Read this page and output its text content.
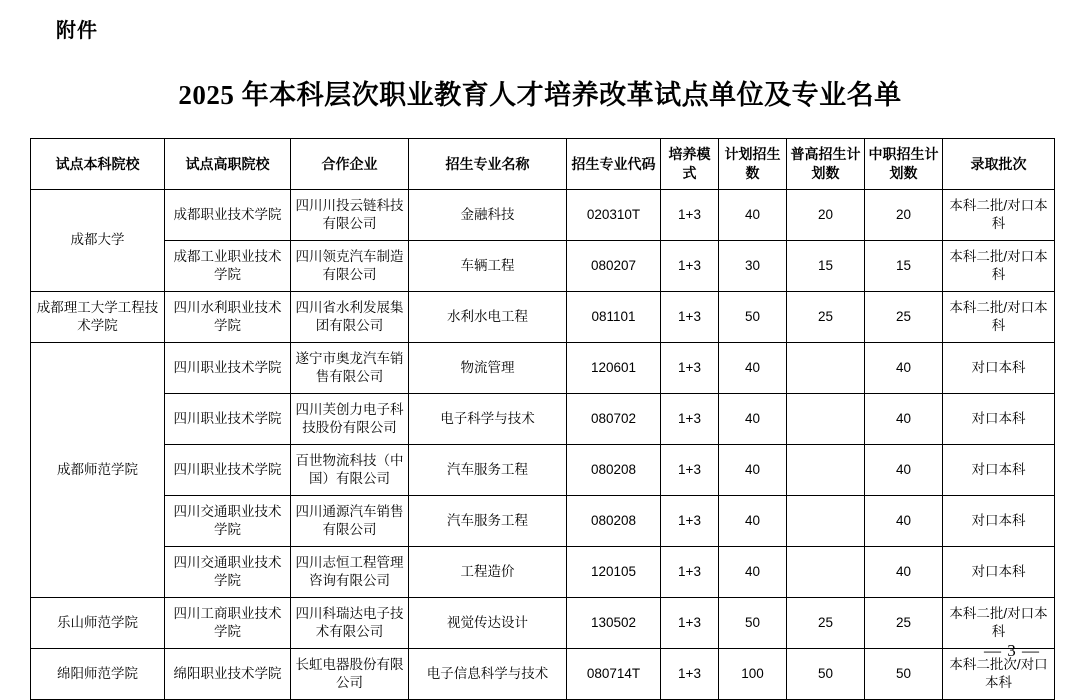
附件
2025 年本科层次职业教育人才培养改革试点单位及专业名单
试点本科院校	试点高职院校	合作企业	招生专业名称	招生专业代码	培养模式	计划招生数	普高招生计划数	中职招生计划数	录取批次
成都大学	成都职业技术学院	四川川投云链科技有限公司	金融科技	020310T	1+3	40	20	20	本科二批/对口本科
	成都工业职业技术学院	四川领克汽车制造有限公司	车辆工程	080207	1+3	30	15	15	本科二批/对口本科
成都理工大学工程技术学院	四川水利职业技术学院	四川省水利发展集团有限公司	水利水电工程	081101	1+3	50	25	25	本科二批/对口本科
成都师范学院	四川职业技术学院	遂宁市奥龙汽车销售有限公司	物流管理	120601	1+3	40		40	对口本科
	四川职业技术学院	四川芙创力电子科技股份有限公司	电子科学与技术	080702	1+3	40		40	对口本科
	四川职业技术学院	百世物流科技（中国）有限公司	汽车服务工程	080208	1+3	40		40	对口本科
	四川交通职业技术学院	四川通源汽车销售有限公司	汽车服务工程	080208	1+3	40		40	对口本科
	四川交通职业技术学院	四川志恒工程管理咨询有限公司	工程造价	120105	1+3	40		40	对口本科
乐山师范学院	四川工商职业技术学院	四川科瑞达电子技术有限公司	视觉传达设计	130502	1+3	50	25	25	本科二批/对口本科
绵阳师范学院	绵阳职业技术学院	长虹电器股份有限公司	电子信息科学与技术	080714T	1+3	100	50	50	本科二批次/对口本科
— 3 —
